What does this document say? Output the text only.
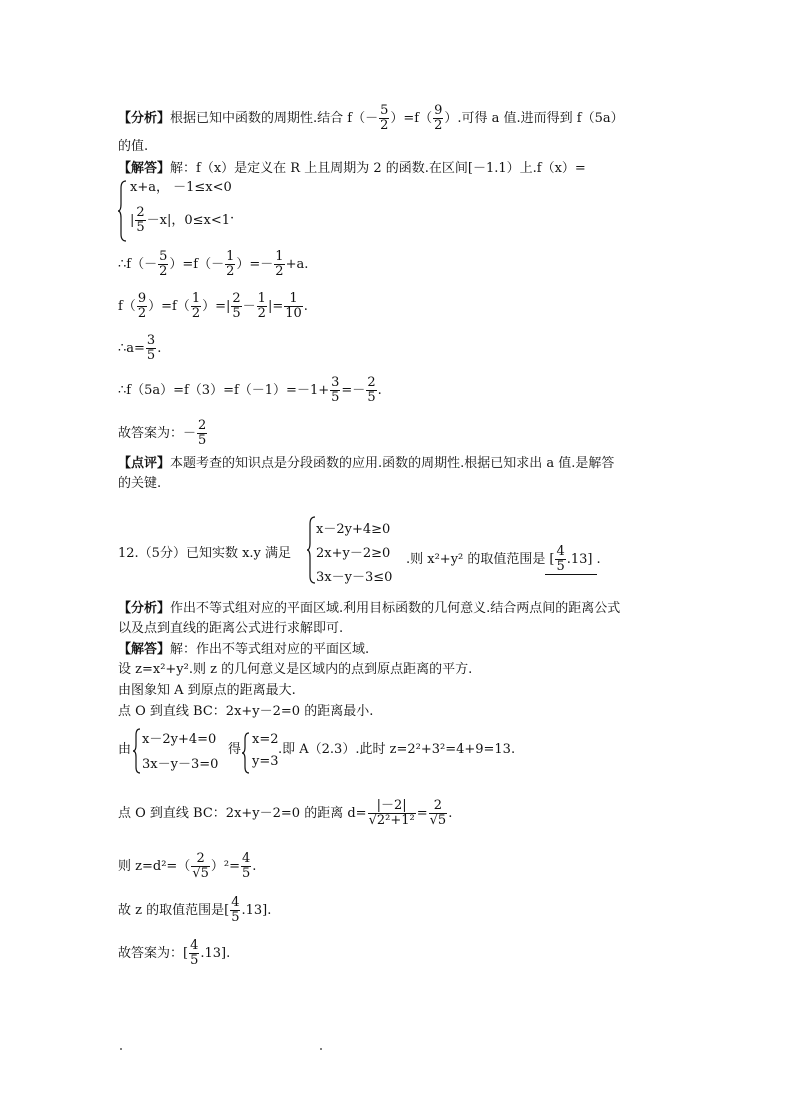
【分析】根据已知中函数的周期性.结合 $f(- \frac{5}{2} )=f( \frac{9}{2}$ ）.可得 a 值.进而得到 f（5a）
的值.
【解答】解：f（x）是定义在 R 上且周期为 2 的函数.在区间[－1.1）上.f（x）=
x+a， －1≤x<0
| $\frac{2}{5} -x|$，0≤x<1.
∴f（－ $\frac{5}{2} )=f(- \frac{1}{2}$ ）=－ $\frac{1}{2} +a$.
$f( \frac{9}{2} )=f( \frac{1}{2}$ ）=| $\frac{2}{5} - \frac{1}{2}$ |= $\frac{1}{10}$ .
∴a= $\frac{3}{5}$ .
∴f（5a）=f（3）=f（－1）=－1+ $\frac{3}{5} =- \frac{2}{5}$ .
故答案为：－ $\frac{2}{5}$
【点评】本题考查的知识点是分段函数的应用.函数的周期性.根据已知求出 a 值.是解答
的关键.
12.（5分）已知实数 x.y 满足
x－2y+4≥0
2x+y－2≥0
3x－y－3≤0
.则 x²+y² 的取值范围是 [ $\frac{4}{5} .13$] .
【分析】作出不等式组对应的平面区域.利用目标函数的几何意义.结合两点间的距离公式
以及点到直线的距离公式进行求解即可.
【解答】解：作出不等式组对应的平面区域.
设 z=x²+y².则 z 的几何意义是区域内的点到原点距离的平方.
由图象知 A 到原点的距离最大.
点 O 到直线 BC：2x+y－2=0 的距离最小.
由
x－2y+4=0
3x－y－3=0
得
x=2
y=3
.即 A（2.3）.此时 z=2²+3²=4+9=13.
点 O 到直线 BC：2x+y－2=0 的距离 $d= \frac{|-2|}{\text{√2²+1²}} = \frac{2}{√5}$ .
则 $z=d^2=( \frac{2}{√5} )^2= \frac{4}{5}$ .
故 z 的取值范围是[ $\frac{4}{5} .13$].
故答案为：[ $\frac{4}{5} .13$].
